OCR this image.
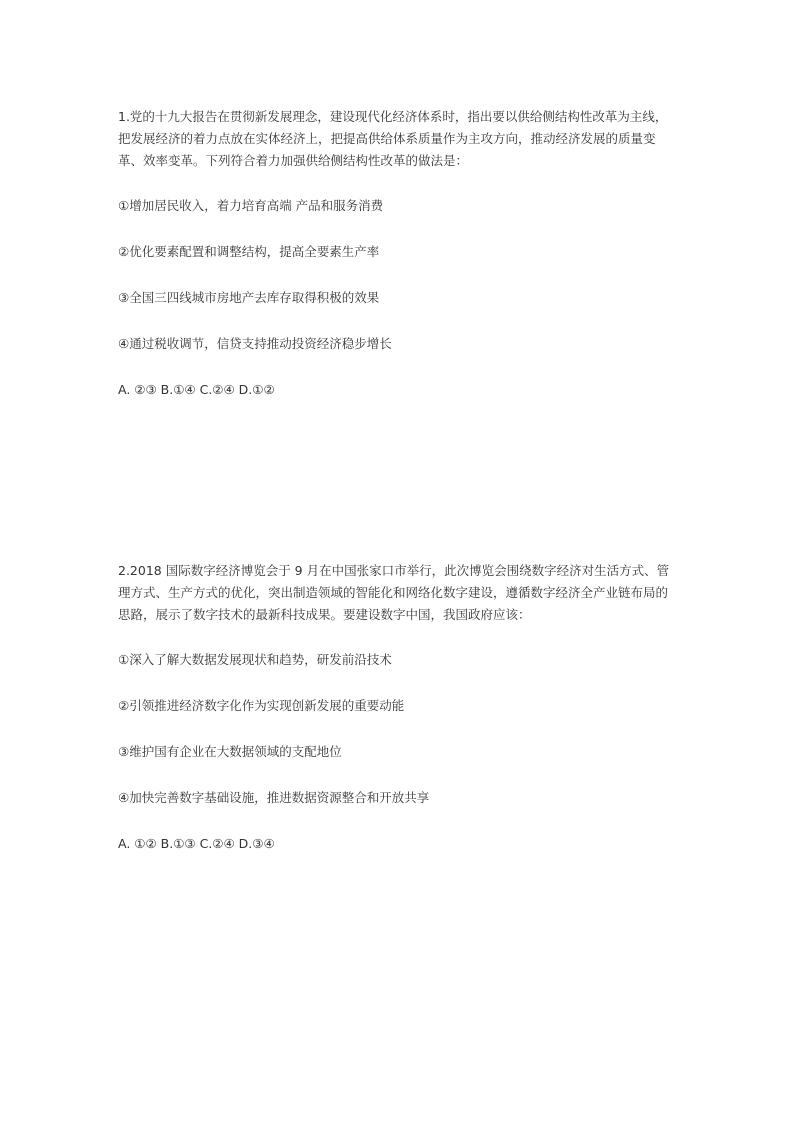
1.党的十九大报告在贯彻新发展理念，建设现代化经济体系时，指出要以供给侧结构性改革为主线，把发展经济的着力点放在实体经济上，把提高供给体系质量作为主攻方向，推动经济发展的质量变革、效率变革。下列符合着力加强供给侧结构性改革的做法是：

①增加居民收入，着力培育高端 产品和服务消费

②优化要素配置和调整结构，提高全要素生产率

③全国三四线城市房地产去库存取得积极的效果

④通过税收调节，信贷支持推动投资经济稳步增长

A. ②③ B.①④ C.②④ D.①②

2.2018 国际数字经济博览会于 9 月在中国张家口市举行，此次博览会围绕数字经济对生活方式、管理方式、生产方式的优化，突出制造领域的智能化和网络化数字建设，遵循数字经济全产业链布局的思路，展示了数字技术的最新科技成果。要建设数字中国，我国政府应该：

①深入了解大数据发展现状和趋势，研发前沿技术

②引领推进经济数字化作为实现创新发展的重要动能

③维护国有企业在大数据领域的支配地位

④加快完善数字基础设施，推进数据资源整合和开放共享

A. ①② B.①③ C.②④ D.③④
